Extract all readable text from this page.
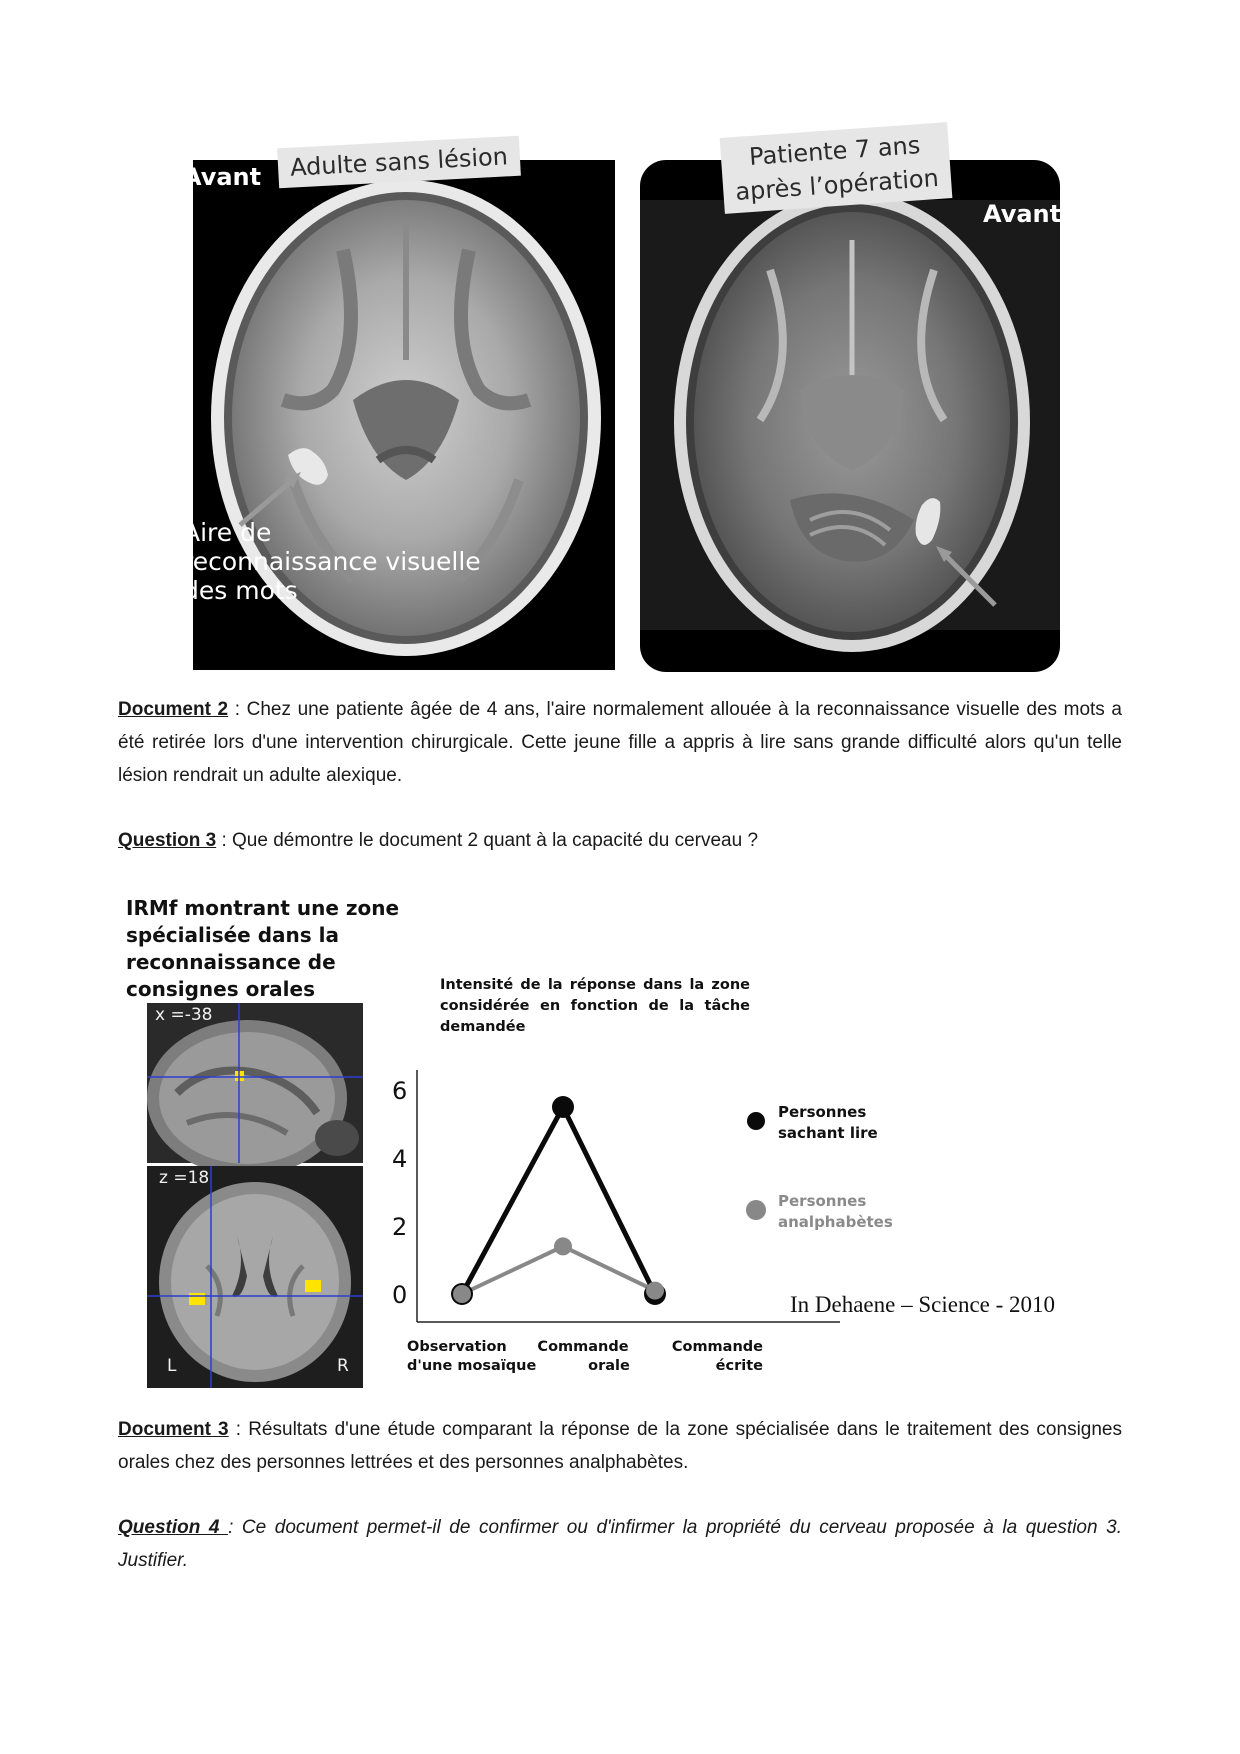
Avant
Aire de
reconnaissance visuelle
des mots
Adulte sans lésion
Avant
Patiente 7 ans
après l’opération
Document 2 : Chez une patiente âgée de 4 ans, l'aire normalement allouée à la reconnaissance visuelle des mots a été retirée lors d'une intervention chirurgicale. Cette jeune fille a appris à lire sans grande difficulté alors qu'un telle lésion rendrait un adulte alexique.
Question 3 : Que démontre le document 2 quant à la capacité du cerveau ?
IRMf montrant une zone spécialisée dans la reconnaissance de consignes orales
x =-38
z =18
L	R
Intensité de la réponse dans la zone considérée en fonction de la tâche demandée
6
4
2
0
Observation
d'une mosaïque
Commande
orale
Commande
écrite
Personnes
sachant lire
Personnes
analphabètes
In Dehaene – Science - 2010
Document 3 : Résultats d'une étude comparant la réponse de la zone spécialisée dans le traitement des consignes orales chez des personnes lettrées et des personnes analphabètes.
Question 4 : Ce document permet-il de confirmer ou d'infirmer la propriété du cerveau proposée à la question 3. Justifier.
